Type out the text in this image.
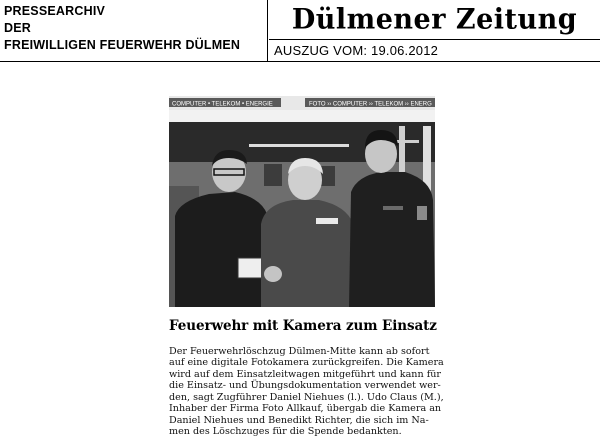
PRESSEARCHIV
DER
FREIWILLIGEN FEUERWEHR DÜLMEN
Dülmener Zeitung
AUSZUG VOM: 19.06.2012
COMPUTER • TELEKOM • ENERGIE	FOTO ›› COMPUTER ›› TELEKOM ›› ENERG
Feuerwehr mit Kamera zum Einsatz
Der Feuerwehrlöschzug Dülmen-Mitte kann ab sofort
auf eine digitale Fotokamera zurückgreifen. Die Kamera
wird auf dem Einsatzleitwagen mitgeführt und kann für
die Einsatz- und Übungsdokumentation verwendet wer-
den, sagt Zugführer Daniel Niehues (l.). Udo Claus (M.),
Inhaber der Firma Foto Allkauf, übergab die Kamera an
Daniel Niehues und Benedikt Richter, die sich im Na-
men des Löschzuges für die Spende bedankten.
